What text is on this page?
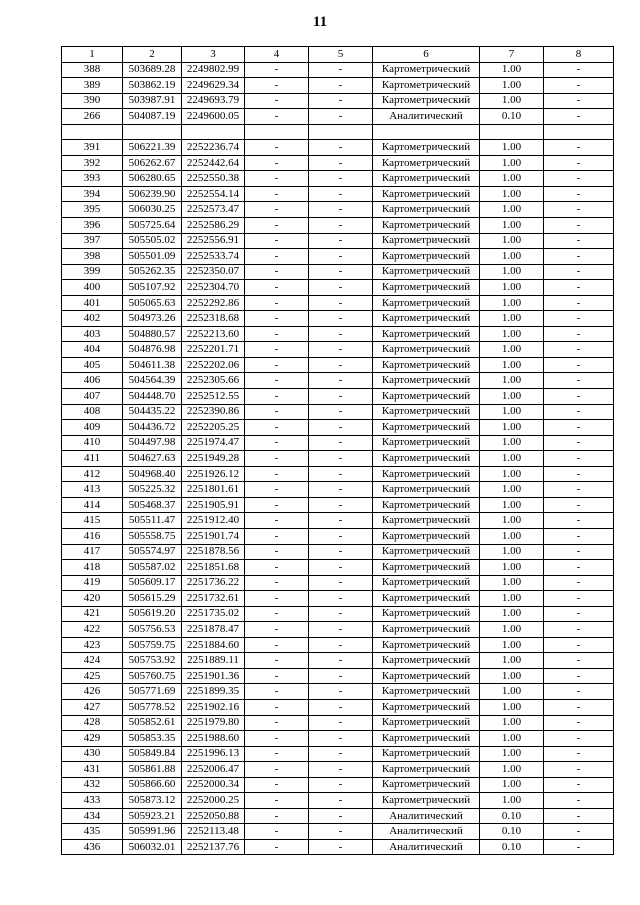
11
1	2	3	4	5	6	7	8
388	503689.28	2249802.99	-	-	Картометрический	1.00	-
389	503862.19	2249629.34	-	-	Картометрический	1.00	-
390	503987.91	2249693.79	-	-	Картометрический	1.00	-
266	504087.19	2249600.05	-	-	Аналитический	0.10	-

391	506221.39	2252236.74	-	-	Картометрический	1.00	-
392	506262.67	2252442.64	-	-	Картометрический	1.00	-
393	506280.65	2252550.38	-	-	Картометрический	1.00	-
394	506239.90	2252554.14	-	-	Картометрический	1.00	-
395	506030.25	2252573.47	-	-	Картометрический	1.00	-
396	505725.64	2252586.29	-	-	Картометрический	1.00	-
397	505505.02	2252556.91	-	-	Картометрический	1.00	-
398	505501.09	2252533.74	-	-	Картометрический	1.00	-
399	505262.35	2252350.07	-	-	Картометрический	1.00	-
400	505107.92	2252304.70	-	-	Картометрический	1.00	-
401	505065.63	2252292.86	-	-	Картометрический	1.00	-
402	504973.26	2252318.68	-	-	Картометрический	1.00	-
403	504880.57	2252213.60	-	-	Картометрический	1.00	-
404	504876.98	2252201.71	-	-	Картометрический	1.00	-
405	504611.38	2252202.06	-	-	Картометрический	1.00	-
406	504564.39	2252305.66	-	-	Картометрический	1.00	-
407	504448.70	2252512.55	-	-	Картометрический	1.00	-
408	504435.22	2252390.86	-	-	Картометрический	1.00	-
409	504436.72	2252205.25	-	-	Картометрический	1.00	-
410	504497.98	2251974.47	-	-	Картометрический	1.00	-
411	504627.63	2251949.28	-	-	Картометрический	1.00	-
412	504968.40	2251926.12	-	-	Картометрический	1.00	-
413	505225.32	2251801.61	-	-	Картометрический	1.00	-
414	505468.37	2251905.91	-	-	Картометрический	1.00	-
415	505511.47	2251912.40	-	-	Картометрический	1.00	-
416	505558.75	2251901.74	-	-	Картометрический	1.00	-
417	505574.97	2251878.56	-	-	Картометрический	1.00	-
418	505587.02	2251851.68	-	-	Картометрический	1.00	-
419	505609.17	2251736.22	-	-	Картометрический	1.00	-
420	505615.29	2251732.61	-	-	Картометрический	1.00	-
421	505619.20	2251735.02	-	-	Картометрический	1.00	-
422	505756.53	2251878.47	-	-	Картометрический	1.00	-
423	505759.75	2251884.60	-	-	Картометрический	1.00	-
424	505753.92	2251889.11	-	-	Картометрический	1.00	-
425	505760.75	2251901.36	-	-	Картометрический	1.00	-
426	505771.69	2251899.35	-	-	Картометрический	1.00	-
427	505778.52	2251902.16	-	-	Картометрический	1.00	-
428	505852.61	2251979.80	-	-	Картометрический	1.00	-
429	505853.35	2251988.60	-	-	Картометрический	1.00	-
430	505849.84	2251996.13	-	-	Картометрический	1.00	-
431	505861.88	2252006.47	-	-	Картометрический	1.00	-
432	505866.60	2252000.34	-	-	Картометрический	1.00	-
433	505873.12	2252000.25	-	-	Картометрический	1.00	-
434	505923.21	2252050.88	-	-	Аналитический	0.10	-
435	505991.96	2252113.48	-	-	Аналитический	0.10	-
436	506032.01	2252137.76	-	-	Аналитический	0.10	-
